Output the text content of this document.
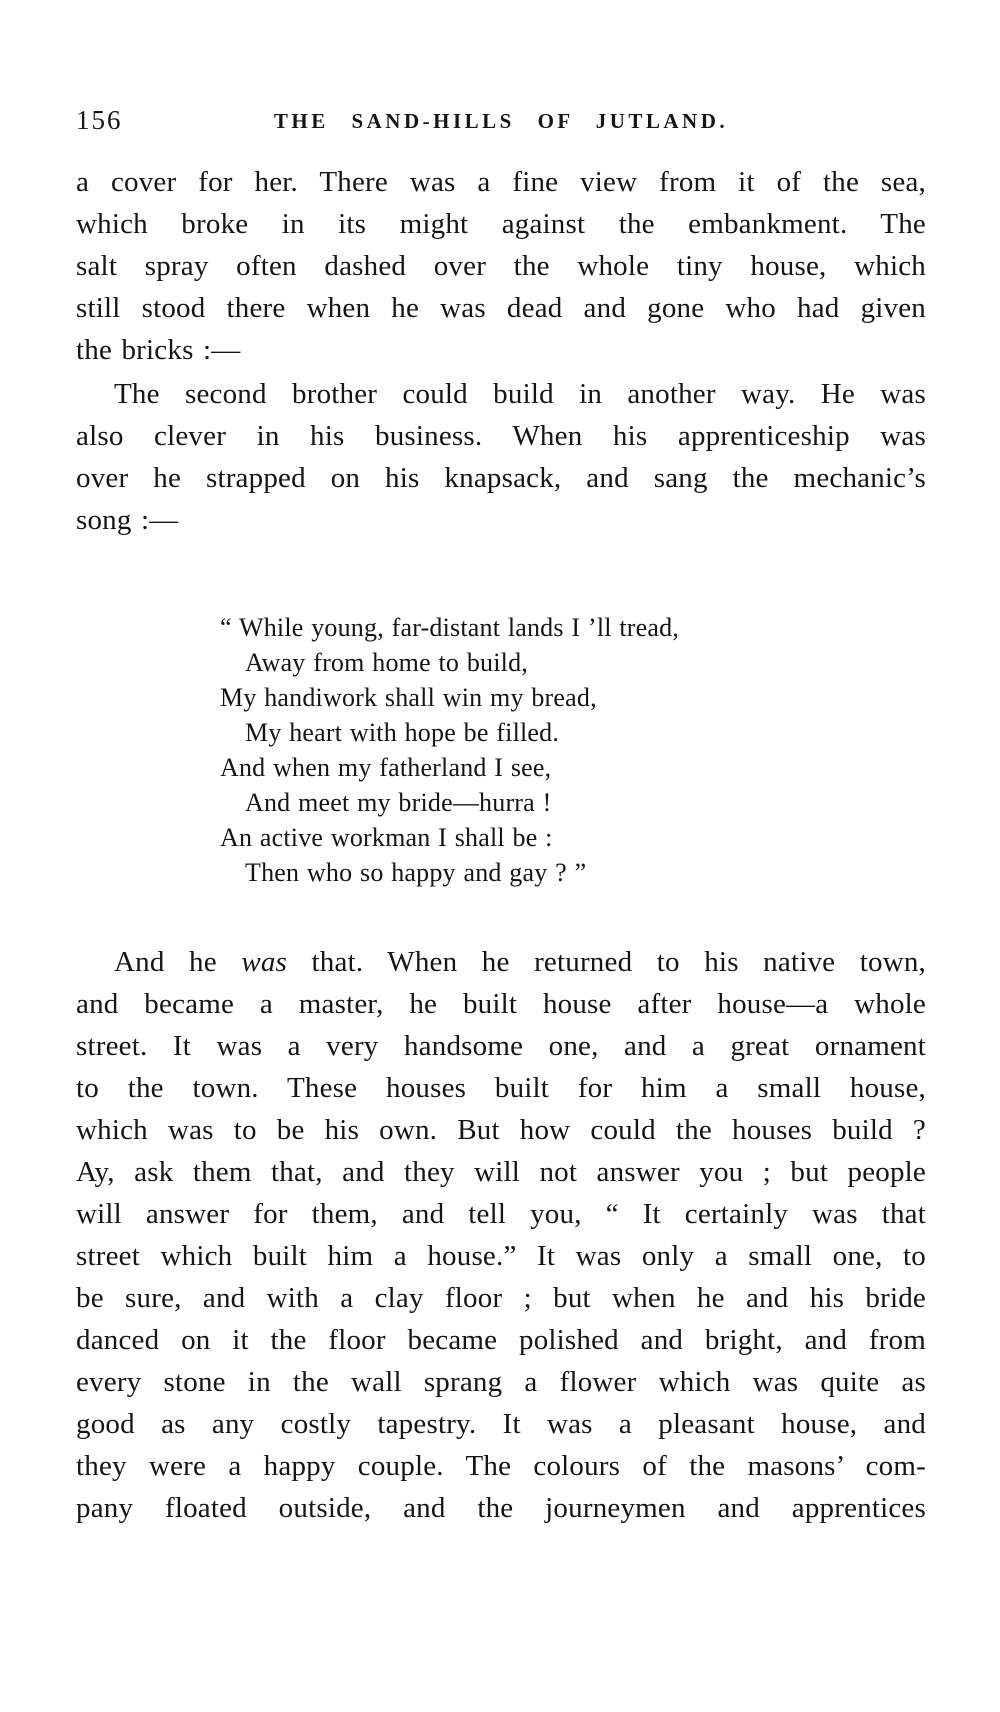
156	THE SAND-HILLS OF JUTLAND.
a cover for her. There was a fine view from it of the sea,
which broke in its might against the embankment. The
salt spray often dashed over the whole tiny house, which
still stood there when he was dead and gone who had given
the bricks :—
The second brother could build in another way. He was
also clever in his business. When his apprenticeship was
over he strapped on his knapsack, and sang the mechanic’s
song :—
“ While young, far-distant lands I ’ll tread,
Away from home to build,
My handiwork shall win my bread,
My heart with hope be filled.
And when my fatherland I see,
And meet my bride—hurra !
An active workman I shall be :
Then who so happy and gay ? ”
And he was that. When he returned to his native town,
and became a master, he built house after house—a whole
street. It was a very handsome one, and a great ornament
to the town. These houses built for him a small house,
which was to be his own. But how could the houses build ?
Ay, ask them that, and they will not answer you ; but people
will answer for them, and tell you, “ It certainly was that
street which built him a house.” It was only a small one, to
be sure, and with a clay floor ; but when he and his bride
danced on it the floor became polished and bright, and from
every stone in the wall sprang a flower which was quite as
good as any costly tapestry. It was a pleasant house, and
they were a happy couple. The colours of the masons’ com-
pany floated outside, and the journeymen and apprentices
